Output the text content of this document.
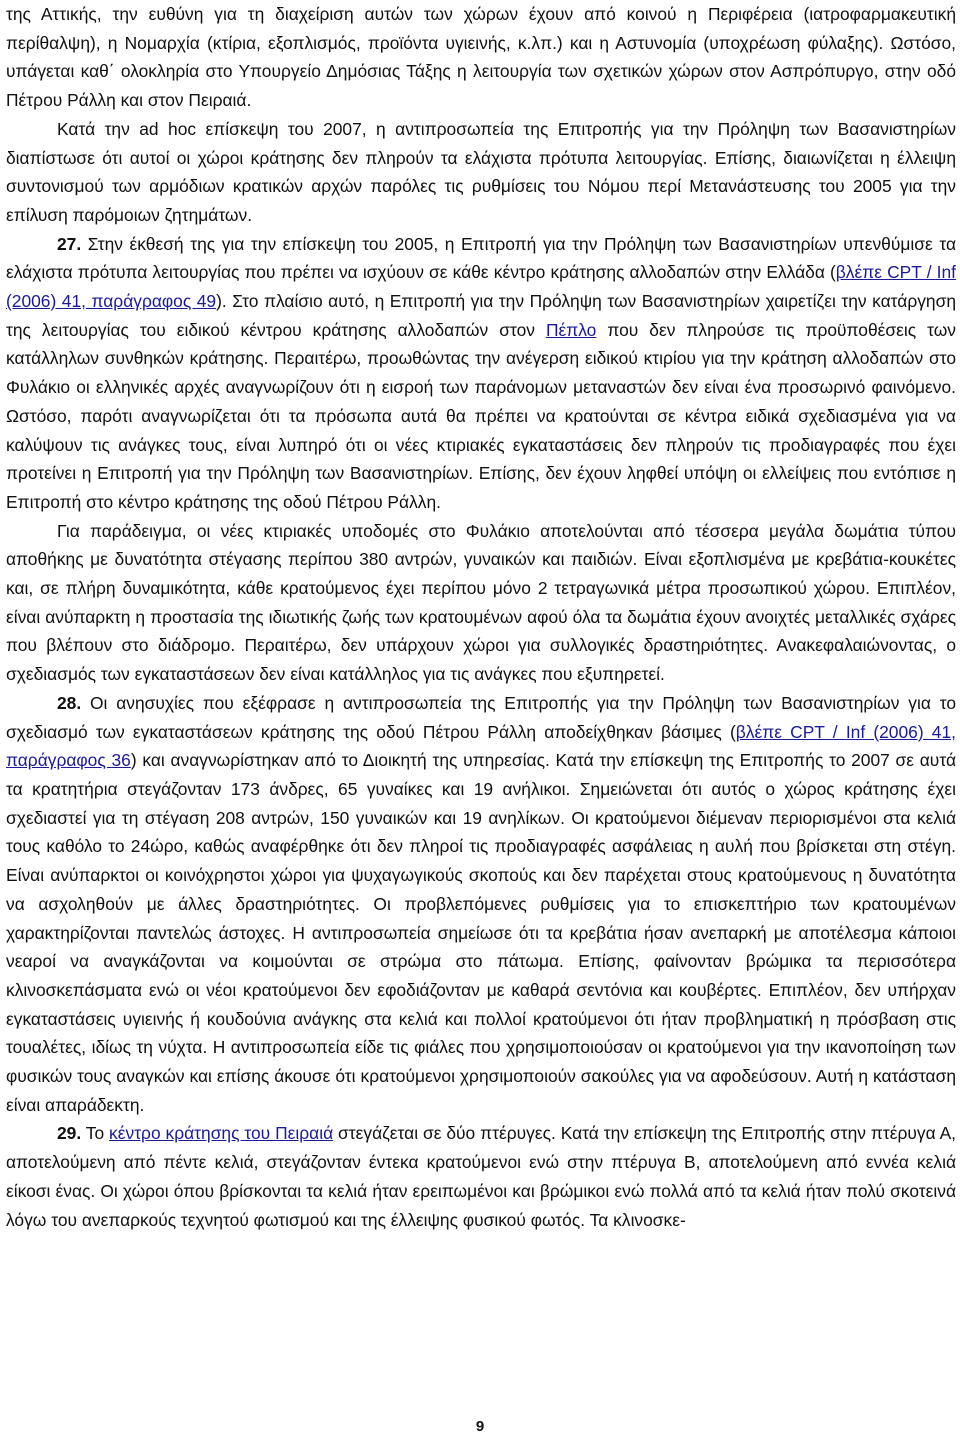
της Αττικής, την ευθύνη για τη διαχείριση αυτών των χώρων έχουν από κοινού η Περιφέρεια (ιατροφαρμακευτική περίθαλψη), η Νομαρχία (κτίρια, εξοπλισμός, προϊόντα υγιεινής, κ.λπ.) και η Αστυνομία (υποχρέωση φύλαξης). Ωστόσο, υπάγεται καθ΄ ολοκληρία στο Υπουργείο Δημόσιας Τάξης η λειτουργία των σχετικών χώρων στον Ασπρόπυργο, στην οδό Πέτρου Ράλλη και στον Πειραιά.

Κατά την ad hoc επίσκεψη του 2007, η αντιπροσωπεία της Επιτροπής για την Πρόληψη των Βασανιστηρίων διαπίστωσε ότι αυτοί οι χώροι κράτησης δεν πληρούν τα ελάχιστα πρότυπα λειτουργίας. Επίσης, διαιωνίζεται η έλλειψη συντονισμού των αρμόδιων κρατικών αρχών παρόλες τις ρυθμίσεις του Νόμου περί Μετανάστευσης του 2005 για την επίλυση παρόμοιων ζητημάτων.

27. Στην έκθεσή της για την επίσκεψη του 2005, η Επιτροπή για την Πρόληψη των Βασανιστηρίων υπενθύμισε τα ελάχιστα πρότυπα λειτουργίας που πρέπει να ισχύουν σε κάθε κέντρο κράτησης αλλοδαπών στην Ελλάδα (βλέπε CPT / Inf (2006) 41, παράγραφος 49). Στο πλαίσιο αυτό, η Επιτροπή για την Πρόληψη των Βασανιστηρίων χαιρετίζει την κατάργηση της λειτουργίας του ειδικού κέντρου κράτησης αλλοδαπών στον Πέπλο που δεν πληρούσε τις προϋποθέσεις των κατάλληλων συνθηκών κράτησης. Περαιτέρω, προωθώντας την ανέγερση ειδικού κτιρίου για την κράτηση αλλοδαπών στο Φυλάκιο οι ελληνικές αρχές αναγνωρίζουν ότι η εισροή των παράνομων μεταναστών δεν είναι ένα προσωρινό φαινόμενο. Ωστόσο, παρότι αναγνωρίζεται ότι τα πρόσωπα αυτά θα πρέπει να κρατούνται σε κέντρα ειδικά σχεδιασμένα για να καλύψουν τις ανάγκες τους, είναι λυπηρό ότι οι νέες κτιριακές εγκαταστάσεις δεν πληρούν τις προδιαγραφές που έχει προτείνει η Επιτροπή για την Πρόληψη των Βασανιστηρίων. Επίσης, δεν έχουν ληφθεί υπόψη οι ελλείψεις που εντόπισε η Επιτροπή στο κέντρο κράτησης της οδού Πέτρου Ράλλη.

Για παράδειγμα, οι νέες κτιριακές υποδομές στο Φυλάκιο αποτελούνται από τέσσερα μεγάλα δωμάτια τύπου αποθήκης με δυνατότητα στέγασης περίπου 380 αντρών, γυναικών και παιδιών. Είναι εξοπλισμένα με κρεβάτια-κουκέτες και, σε πλήρη δυναμικότητα, κάθε κρατούμενος έχει περίπου μόνο 2 τετραγωνικά μέτρα προσωπικού χώρου. Επιπλέον, είναι ανύπαρκτη η προστασία της ιδιωτικής ζωής των κρατουμένων αφού όλα τα δωμάτια έχουν ανοιχτές μεταλλικές σχάρες που βλέπουν στο διάδρομο. Περαιτέρω, δεν υπάρχουν χώροι για συλλογικές δραστηριότητες. Ανακεφαλαιώνοντας, ο σχεδιασμός των εγκαταστάσεων δεν είναι κατάλληλος για τις ανάγκες που εξυπηρετεί.

28. Οι ανησυχίες που εξέφρασε η αντιπροσωπεία της Επιτροπής για την Πρόληψη των Βασανιστηρίων για το σχεδιασμό των εγκαταστάσεων κράτησης της οδού Πέτρου Ράλλη αποδείχθηκαν βάσιμες (βλέπε CPT / Inf (2006) 41, παράγραφος 36) και αναγνωρίστηκαν από το Διοικητή της υπηρεσίας. Κατά την επίσκεψη της Επιτροπής το 2007 σε αυτά τα κρατητήρια στεγάζονταν 173 άνδρες, 65 γυναίκες και 19 ανήλικοι. Σημειώνεται ότι αυτός ο χώρος κράτησης έχει σχεδιαστεί για τη στέγαση 208 αντρών, 150 γυναικών και 19 ανηλίκων. Οι κρατούμενοι διέμεναν περιορισμένοι στα κελιά τους καθόλο το 24ώρο, καθώς αναφέρθηκε ότι δεν πληροί τις προδιαγραφές ασφάλειας η αυλή που βρίσκεται στη στέγη. Είναι ανύπαρκτοι οι κοινόχρηστοι χώροι για ψυχαγωγικούς σκοπούς και δεν παρέχεται στους κρατούμενους η δυνατότητα να ασχοληθούν με άλλες δραστηριότητες. Οι προβλεπόμενες ρυθμίσεις για το επισκεπτήριο των κρατουμένων χαρακτηρίζονται παντελώς άστοχες. Η αντιπροσωπεία σημείωσε ότι τα κρεβάτια ήσαν ανεπαρκή με αποτέλεσμα κάποιοι νεαροί να αναγκάζονται να κοιμούνται σε στρώμα στο πάτωμα. Επίσης, φαίνονταν βρώμικα τα περισσότερα κλινοσκεπάσματα ενώ οι νέοι κρατούμενοι δεν εφοδιάζονταν με καθαρά σεντόνια και κουβέρτες. Επιπλέον, δεν υπήρχαν εγκαταστάσεις υγιεινής ή κουδούνια ανάγκης στα κελιά και πολλοί κρατούμενοι ότι ήταν προβληματική η πρόσβαση στις τουαλέτες, ιδίως τη νύχτα. Η αντιπροσωπεία είδε τις φιάλες που χρησιμοποιούσαν οι κρατούμενοι για την ικανοποίηση των φυσικών τους αναγκών και επίσης άκουσε ότι κρατούμενοι χρησιμοποιούν σακούλες για να αφοδεύσουν. Αυτή η κατάσταση είναι απαράδεκτη.

29. Το κέντρο κράτησης του Πειραιά στεγάζεται σε δύο πτέρυγες. Κατά την επίσκεψη της Επιτροπής στην πτέρυγα Α, αποτελούμενη από πέντε κελιά, στεγάζονταν έντεκα κρατούμενοι ενώ στην πτέρυγα Β, αποτελούμενη από εννέα κελιά είκοσι ένας. Οι χώροι όπου βρίσκονται τα κελιά ήταν ερειπωμένοι και βρώμικοι ενώ πολλά από τα κελιά ήταν πολύ σκοτεινά λόγω του ανεπαρκούς τεχνητού φωτισμού και της έλλειψης φυσικού φωτός. Τα κλινοσκε-

9
